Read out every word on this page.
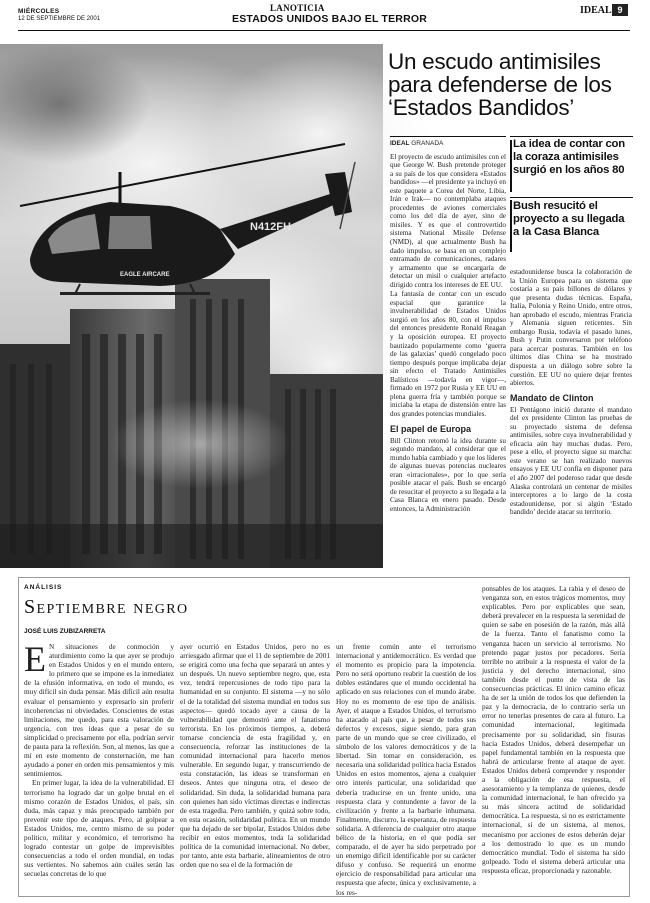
MIÉRCOLES
12 DE SEPTIEMBRE DE 2001
LANOTICIA
ESTADOS UNIDOS BAJO EL TERROR
IDEAL 9
N412FH
EAGLE AIRCARE
Un escudo antimisiles para defenderse de los ‘Estados Bandidos’
IDEAL GRANADA

El proyecto de escudo antimisiles con el que George W. Bush pretende proteger a su país de los que considera «Estados bandidos» —el presidente ya incluyó en este paquete a Corea del Norte, Libia, Irán e Irak— no contemplaba ataques procedentes de aviones comerciales como los del día de ayer, sino de misiles. Y es que el controvertido sistema National Missile Defense (NMD), al que actualmente Bush ha dado impulso, se basa en un complejo entramado de comunicaciones, radares y armamento que se encargaría de detectar un misil o cualquier artefacto dirigido contra los intereses de EE UU.

La fantasía de contar con un escudo espacial que garantice la invulnerabilidad de Estados Unidos surgió en los años 80, con el impulso del entonces presidente Ronald Reagan y la oposición europea. El proyecto bautizado popularmente como ‘guerra de las galaxias’ quedó congelado poco tiempo después porque implicaba dejar sin efecto el Tratado Antimisiles Balísticos —todavía en vigor—, firmado en 1972 por Rusia y EE UU en plena guerra fría y también porque se iniciaba la etapa de distensión entre las dos grandes potencias mundiales.

El papel de Europa

Bill Clinton retomó la idea durante su segundo mandato, al considerar que el mundo había cambiado y que los líderes de algunas nuevas potencias nucleares eran «irracionales», por lo que sería posible atacar el país. Bush se encargó de resucitar el proyecto a su llegada a la Casa Blanca en enero pasado. Desde entonces, la Administración

La idea de contar con la coraza antimisiles surgió en los años 80
Bush resucitó el proyecto a su llegada a la Casa Blanca

estadounidense busca la colaboración de la Unión Europea para un sistema que costaría a su país billones de dólares y que presenta dudas técnicas. España, Italia, Polonia y Reino Unido, entre otros, han aprobado el escudo, mientras Francia y Alemania siguen reticentes. Sin embargo Rusia, todavía el pasado lunes, Bush y Putin conversaron por teléfono para acercar posturas. También en los últimos días China se ha mostrado dispuesta a un diálogo sobre sobre la cuestión. EE UU no quiere dejar frentes abiertos.

Mandato de Clinton

El Pentágono inició durante el mandato del ex presidente Clinton las pruebas de su proyectado sistema de defensa antimisiles, sobre cuya invulnerabilidad y eficacia aún hay muchas dudas. Pero, pese a ello, el proyecto sigue su marcha: este verano se han realizado nuevos ensayos y EE UU confía en disponer para el año 2007 del poderoso radar que desde Alaska controlará un centenar de misiles interceptores a lo largo de la costa estadounidense, por si algún ‘Estado bandido’ decide atacar su territorio.

ANÁLISIS
Septiembre negro
JOSÉ LUIS ZUBIZARRETA
E N situaciones de conmoción y aturdimiento como la que ayer se produjo en Estados Unidos y en el mundo entero, lo primero que se impone es la inmediatez de la efusión informativa, en todo el mundo, es muy difícil sin duda pensar. Más difícil aún resulta evaluar el pensamiento y expresarlo sin proferir incoherencias ni obviedades. Conscientes de estas limitaciones, me quedo, para esta valoración de urgencia, con tres ideas que a pesar de su simplicidad o precisamente por ella, podrían servir de pauta para la reflexión. Son, al menos, las que a mí en este momento de consternación, me han ayudado a poner en orden mis pensamientos y mis sentimientos.

En primer lugar, la idea de la vulnerabilidad. El terrorismo ha logrado dar un golpe brutal en el mismo corazón de Estados Unidos, el país, sin duda, más capaz y más preocupado también por prevenir este tipo de ataques. Pero, al golpear a Estados Unidos, me, centro mismo de su poder político, militar y económico, el terrorismo ha logrado contestar un golpe de imprevisibles consecuencias a todo el orden mundial, en todas sus vertientes. No sabemos aún cuáles serán las secuelas concretas de lo que

ayer ocurrió en Estados Unidos, pero no es arriesgado afirmar que el 11 de septiembre de 2001 se erigirá como una fecha que separará un antes y un después. Un nuevo septiembre negro, que, esta vez, tendrá repercusiones de todo tipo para la humanidad en su conjunto. El sistema —y no sólo el de la totalidad del sistema mundial en todos sus aspectos— quedó tocado ayer a causa de la vulnerabilidad que demostró ante el fanatismo terrorista. En los próximos tiempos, a, deberá tomarse conciencia de esta fragilidad y, en consecuencia, reforzar las instituciones de la comunidad internacional para hacerlo menos vulnerable. En segundo lugar, y transcurriendo de esta constatación, las ideas se transforman en deseos. Antes que ninguna otra, el deseo de solidaridad. Sin duda, la solidaridad humana para con quienes han sido víctimas directas e indirectas de esta tragedia. Pero también, y quizá sobre todo, en esta ocasión, solidaridad política. En un mundo que ha dejado de ser bipolar, Estados Unidos debe recibir en estos momentos, toda la solidaridad política de la comunidad internacional. No deber, por tanto, ante esta barbarie, alineamientos de otro orden que no sea el de la formación de

un frente común ante el terrorismo internacional y antidemocrático. Es verdad que el momento es propicio para la impotencia. Pero no será oportuno reabrir la cuestión de los dobles estándares que el mundo occidental ha aplicado en sus relaciones con el mundo árabe. Hoy no es momento de ese tipo de análisis. Ayer, el ataque a Estados Unidos, el terrorismo ha atacado al país que, a pesar de todos sus defectos y excesos, sigue siendo, para gran parte de un mundo que se cree civilizado, el símbolo de los valores democráticos y de la libertad. Sin tomar en consideración, es necesaria una solidaridad política hacia Estados Unidos en estos momentos, ajena a cualquier otro interés particular, una solidaridad que debería traducirse en un frente unido, una respuesta clara y contundente a favor de la civilización y frente a la barbarie inhumana. Finalmente, discurro, la esperanza, de respuesta solidaria. A diferencia de cualquier otro ataque bélico de la historia, en el que podía ser comparado, el de ayer ha sido perpetrado por un enemigo difícil identificable por su carácter difuso y confuso. Se requerirá un enorme ejercicio de responsabilidad para articular una respuesta que afecte, única y exclusivamente, a los res-

ponsables de los ataques. La rabia y el deseo de venganza son, en estos trágicos momentos, muy explicables. Pero por explicables que sean, deberá prevalecer en la respuesta la serenidad de quien se sabe en posesión de la razón, más allá de la fuerza. Tanto el fanatismo como la venganza hacen un servicio al terrorismo. No pretendo pagar justos por pecadores. Sería terrible no atribuir a la respuesta el valor de la justicia y del derecho internacional, sino también desde el punto de vista de las consecuencias prácticas. El único camino eficaz ha de ser la unión de todos los que defienden la paz y la democracia, de lo contrario sería un error no tenerlas presentes de cara al futuro. La comunidad internacional, legitimada precisamente por su solidaridad, sin fisuras hacia Estados Unidos, deberá desempeñar un papel fundamental también en la respuesta que habrá de articularse frente al ataque de ayer. Estados Unidos deberá comprender y responder a la obligación de esa respuesta, el asesoramiento y la templanza de quienes, desde la comunidad internacional, le han ofrecido ya su más sincera actitud de solidaridad democrática. La respuesta, si no es estrictamente internacional, sí de un sistema, al menos, mecanismo por acciones de estos deberán dejar a los demostrado lo que es un mundo democrático mundial. Todo el sistema ha sido golpeado. Todo el sistema deberá articular una respuesta eficaz, proporcionada y razonable.
